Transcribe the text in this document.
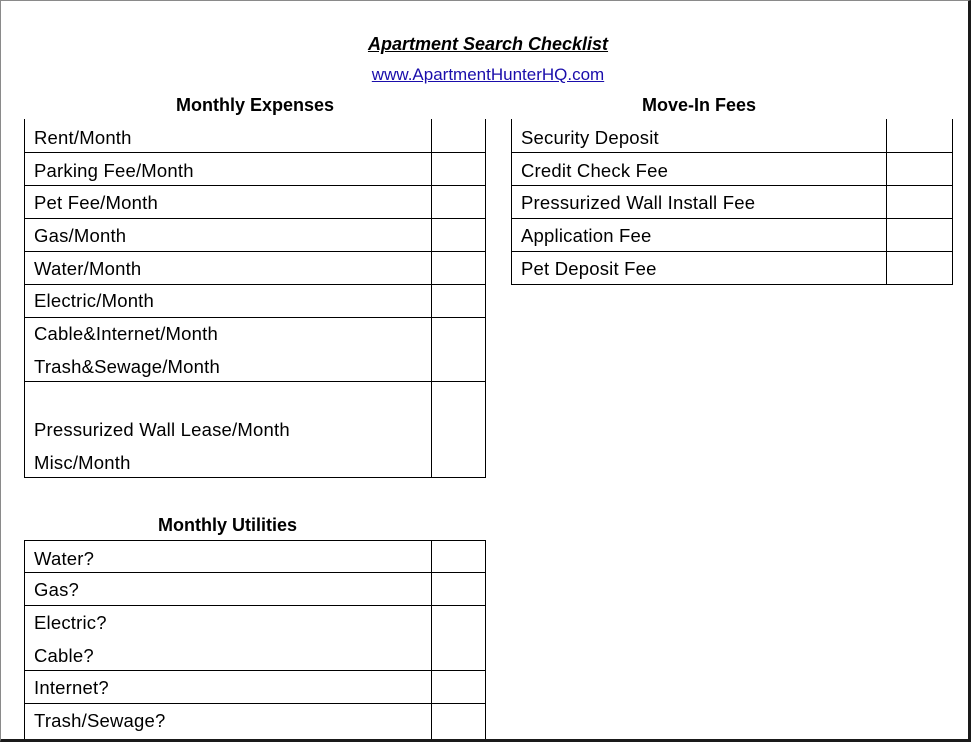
Apartment Search Checklist
www.ApartmentHunterHQ.com
Monthly Expenses
Rent/Month
Parking Fee/Month
Pet Fee/Month
Gas/Month
Water/Month
Electric/Month
Cable&Internet/Month
Trash&Sewage/Month
Pressurized Wall Lease/Month
Misc/Month
Move-In Fees
Security Deposit
Credit Check Fee
Pressurized Wall Install Fee
Application Fee
Pet Deposit Fee
Monthly Utilities
Water?
Gas?
Electric?
Cable?
Internet?
Trash/Sewage?
